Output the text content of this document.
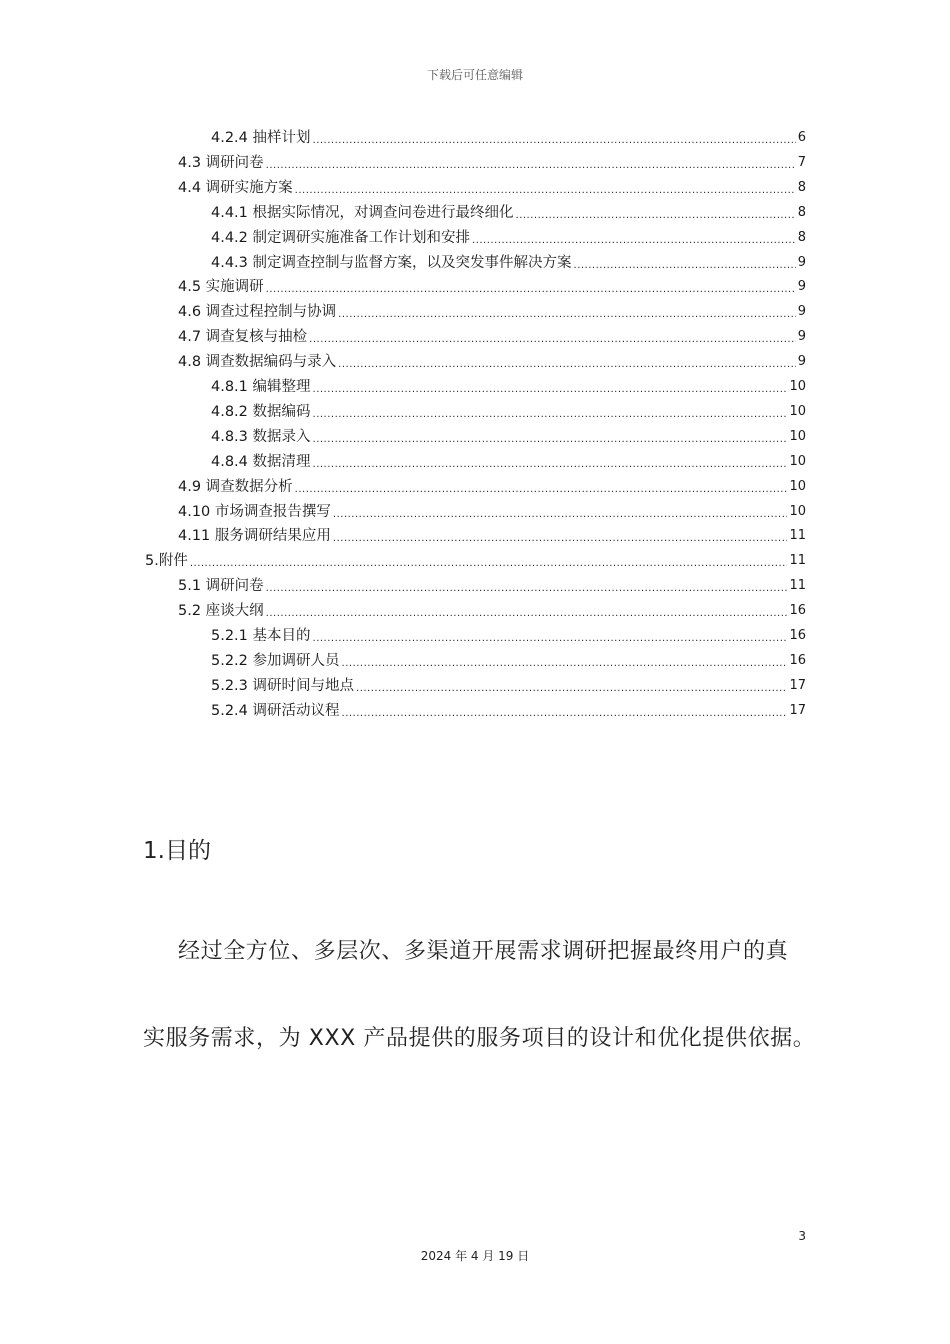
下载后可任意编辑
4.2.4 抽样计划 .....	6
4.3 调研问卷 .....	7
4.4 调研实施方案 .....	8
4.4.1 根据实际情况，对调查问卷进行最终细化 .....	8
4.4.2 制定调研实施准备工作计划和安排 .....	8
4.4.3 制定调查控制与监督方案，以及突发事件解决方案 .....	9
4.5 实施调研 .....	9
4.6 调查过程控制与协调 .....	9
4.7 调查复核与抽检 .....	9
4.8 调查数据编码与录入 .....	9
4.8.1 编辑整理 .....	10
4.8.2 数据编码 .....	10
4.8.3 数据录入 .....	10
4.8.4 数据清理 .....	10
4.9 调查数据分析 .....	10
4.10 市场调查报告撰写 .....	10
4.11 服务调研结果应用 .....	11
5.附件 .....	11
5.1 调研问卷 .....	11
5.2 座谈大纲 .....	16
5.2.1 基本目的 .....	16
5.2.2 参加调研人员 .....	16
5.2.3 调研时间与地点 .....	17
5.2.4 调研活动议程 .....	17
1.目的
经过全方位、多层次、多渠道开展需求调研把握最终用户的真
实服务需求，为 XXX 产品提供的服务项目的设计和优化提供依据。
3
2024 年 4 月 19 日
